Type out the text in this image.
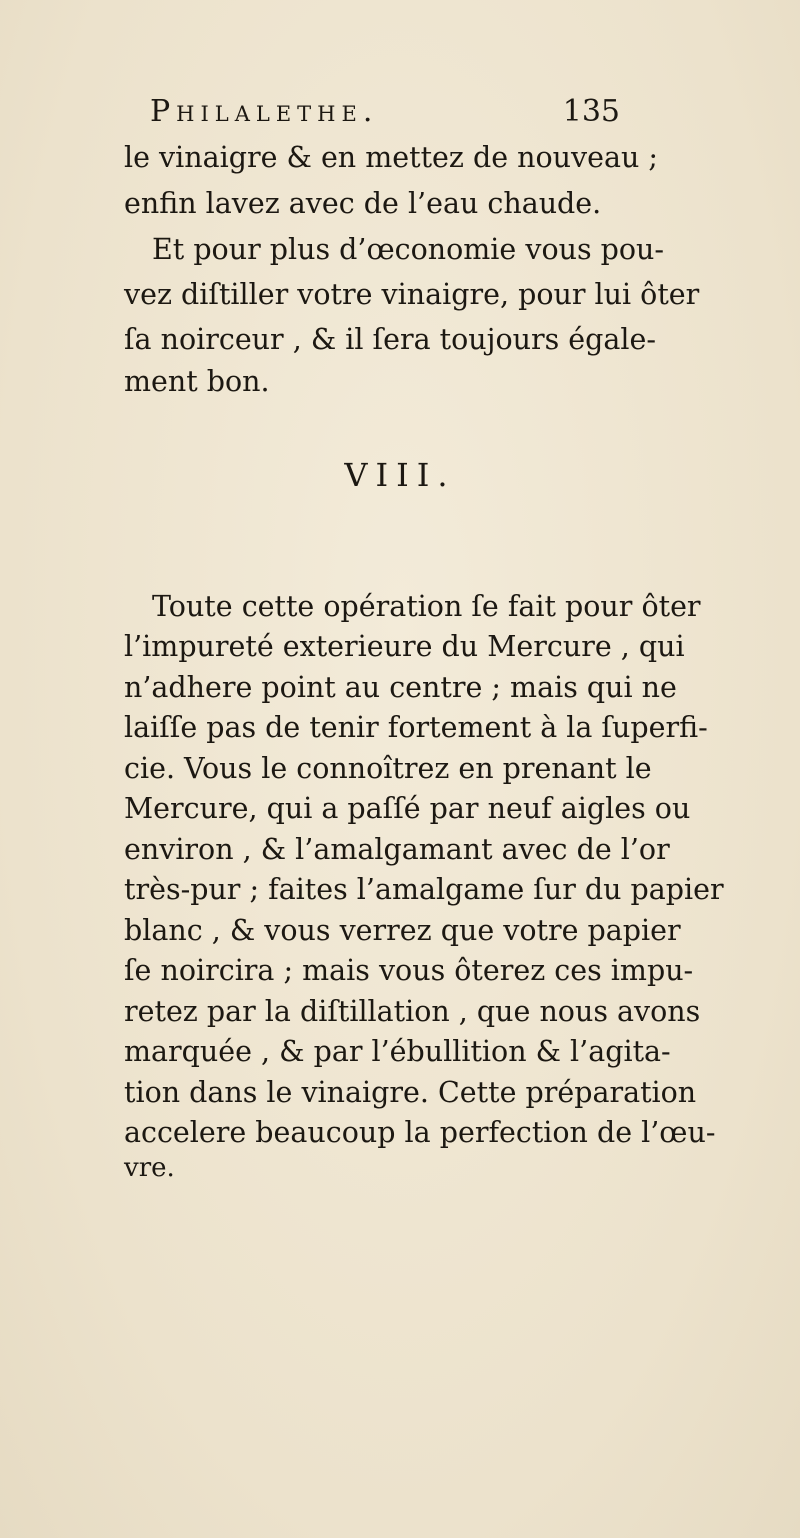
Philalethe.	135
le vinaigre & en mettez de nouveau ;
enfin lavez avec de l’eau chaude.
Et pour plus d’œconomie vous pou-
vez diſtiller votre vinaigre, pour lui ôter
ſa noirceur , & il ſera toujours égale-
ment bon.
VIII.
Toute cette opération ſe fait pour ôter
l’impureté exterieure du Mercure , qui
n’adhere point au centre ; mais qui ne
laiſſe pas de tenir fortement à la ſuperfi-
cie. Vous le connoîtrez en prenant le
Mercure, qui a paſſé par neuf aigles ou
environ , & l’amalgamant avec de l’or
très-pur ; faites l’amalgame ſur du papier
blanc , & vous verrez que votre papier
ſe noircira ; mais vous ôterez ces impu-
retez par la diſtillation , que nous avons
marquée , & par l’ébullition & l’agita-
tion dans le vinaigre. Cette préparation
accelere beaucoup la perfection de l’œu-
vre.
